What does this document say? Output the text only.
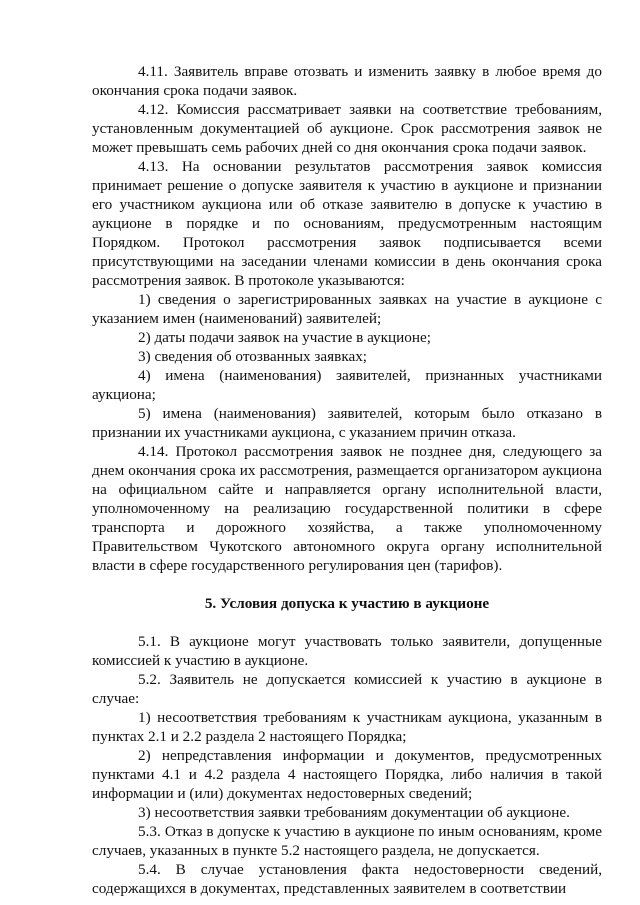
4.11. Заявитель вправе отозвать и изменить заявку в любое время до окончания срока подачи заявок.

4.12. Комиссия рассматривает заявки на соответствие требованиям, установленным документацией об аукционе. Срок рассмотрения заявок не может превышать семь рабочих дней со дня окончания срока подачи заявок.

4.13. На основании результатов рассмотрения заявок комиссия принимает решение о допуске заявителя к участию в аукционе и признании его участником аукциона или об отказе заявителю в допуске к участию в аукционе в порядке и по основаниям, предусмотренным настоящим Порядком. Протокол рассмотрения заявок подписывается всеми присутствующими на заседании членами комиссии в день окончания срока рассмотрения заявок. В протоколе указываются:

1) сведения о зарегистрированных заявках на участие в аукционе с указанием имен (наименований) заявителей;

2) даты подачи заявок на участие в аукционе;

3) сведения об отозванных заявках;

4) имена (наименования) заявителей, признанных участниками аукциона;

5) имена (наименования) заявителей, которым было отказано в признании их участниками аукциона, с указанием причин отказа.

4.14. Протокол рассмотрения заявок не позднее дня, следующего за днем окончания срока их рассмотрения, размещается организатором аукциона на официальном сайте и направляется органу исполнительной власти, уполномоченному на реализацию государственной политики в сфере транспорта и дорожного хозяйства, а также уполномоченному Правительством Чукотского автономного округа органу исполнительной власти в сфере государственного регулирования цен (тарифов).

5. Условия допуска к участию в аукционе

5.1. В аукционе могут участвовать только заявители, допущенные комиссией к участию в аукционе.

5.2. Заявитель не допускается комиссией к участию в аукционе в случае:

1) несоответствия требованиям к участникам аукциона, указанным в пунктах 2.1 и 2.2 раздела 2 настоящего Порядка;

2) непредставления информации и документов, предусмотренных пунктами 4.1 и 4.2 раздела 4 настоящего Порядка, либо наличия в такой информации и (или) документах недостоверных сведений;

3) несоответствия заявки требованиям документации об аукционе.

5.3. Отказ в допуске к участию в аукционе по иным основаниям, кроме случаев, указанных в пункте 5.2 настоящего раздела, не допускается.

5.4. В случае установления факта недостоверности сведений, содержащихся в документах, представленных заявителем в соответствии
